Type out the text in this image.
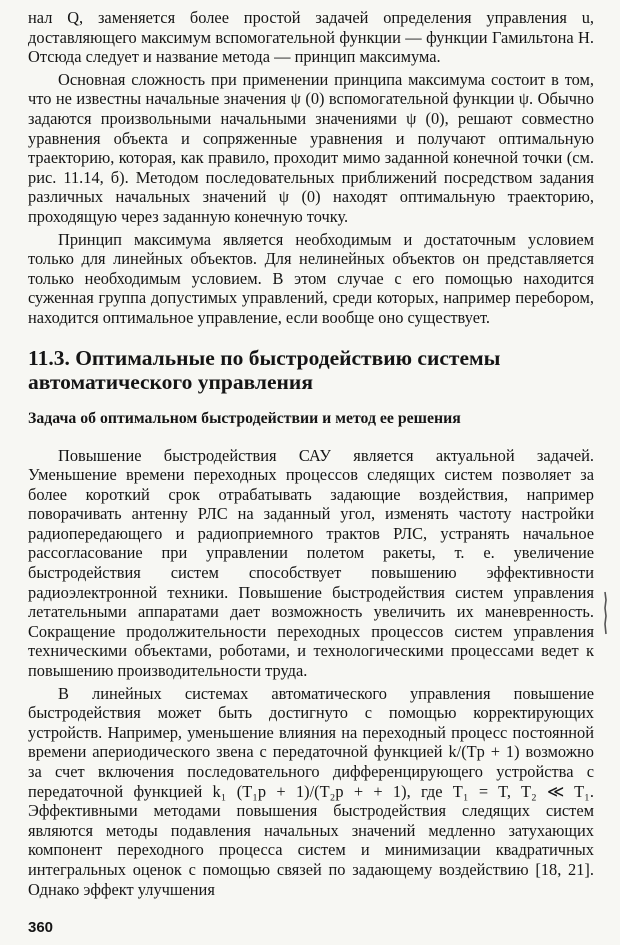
нал Q, заменяется более простой задачей определения управления u, доставляющего максимум вспомогательной функции — функции Гамильтона H. Отсюда следует и название метода — принцип максимума.

Основная сложность при применении принципа максимума состоит в том, что не известны начальные значения ψ (0) вспомогательной функции ψ. Обычно задаются произвольными начальными значениями ψ (0), решают совместно уравнения объекта и сопряженные уравнения и получают оптимальную траекторию, которая, как правило, проходит мимо заданной конечной точки (см. рис. 11.14, б). Методом последовательных приближений посредством задания различных начальных значений ψ (0) находят оптимальную траекторию, проходящую через заданную конечную точку.

Принцип максимума является необходимым и достаточным условием только для линейных объектов. Для нелинейных объектов он представляется только необходимым условием. В этом случае с его помощью находится суженная группа допустимых управлений, среди которых, например перебором, находится оптимальное управление, если вообще оно существует.

11.3. Оптимальные по быстродействию системы автоматического управления
Задача об оптимальном быстродействии и метод ее решения

Повышение быстродействия САУ является актуальной задачей. Уменьшение времени переходных процессов следящих систем позволяет за более короткий срок отрабатывать задающие воздействия, например поворачивать антенну РЛС на заданный угол, изменять частоту настройки радиопередающего и радиоприемного трактов РЛС, устранять начальное рассогласование при управлении полетом ракеты, т. е. увеличение быстродействия систем способствует повышению эффективности радиоэлектронной техники. Повышение быстродействия систем управления летательными аппаратами дает возможность увеличить их маневренность. Сокращение продолжительности переходных процессов систем управления техническими объектами, роботами, и технологическими процессами ведет к повышению производительности труда.

В линейных системах автоматического управления повышение быстродействия может быть достигнуто с помощью корректирующих устройств. Например, уменьшение влияния на переходный процесс постоянной времени апериодического звена с передаточной функцией k/(Tp + 1) возможно за счет включения последовательного дифференцирующего устройства с передаточной функцией k₁ (T₁p + 1)/(T₂p + + 1), где T₁ = T, T₂ ≪ T₁. Эффективными методами повышения быстродействия следящих систем являются методы подавления начальных значений медленно затухающих компонент переходного процесса систем и минимизации квадратичных интегральных оценок с помощью связей по задающему воздействию [18, 21]. Однако эффект улучшения

360
